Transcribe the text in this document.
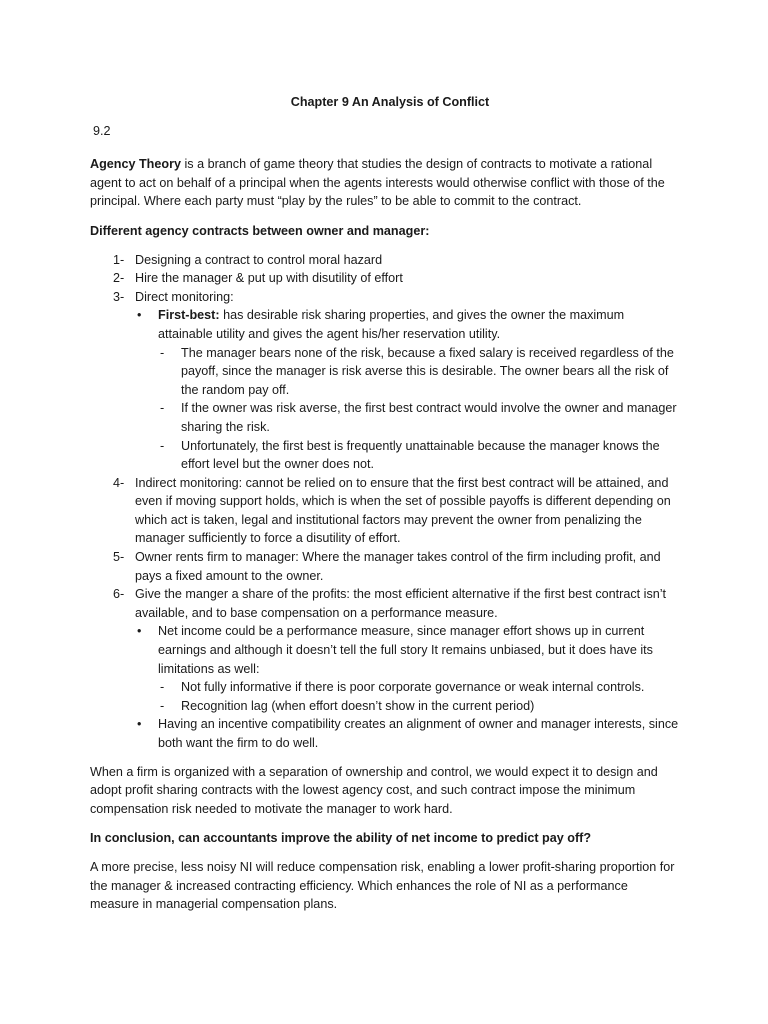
Chapter 9 An Analysis of Conflict
9.2

Agency Theory is a branch of game theory that studies the design of contracts to motivate a rational agent to act on behalf of a principal when the agents interests would otherwise conflict with those of the principal. Where each party must “play by the rules” to be able to commit to the contract.

Different agency contracts between owner and manager:
1- Designing a contract to control moral hazard
2- Hire the manager & put up with disutility of effort
3- Direct monitoring:
•	First-best: has desirable risk sharing properties, and gives the owner the maximum attainable utility and gives the agent his/her reservation utility.
-	The manager bears none of the risk, because a fixed salary is received regardless of the payoff, since the manager is risk averse this is desirable. The owner bears all the risk of the random pay off.
-	If the owner was risk averse, the first best contract would involve the owner and manager sharing the risk.
-	Unfortunately, the first best is frequently unattainable because the manager knows the effort level but the owner does not.
4- Indirect monitoring: cannot be relied on to ensure that the first best contract will be attained, and even if moving support holds, which is when the set of possible payoffs is different depending on which act is taken, legal and institutional factors may prevent the owner from penalizing the manager sufficiently to force a disutility of effort.
5- Owner rents firm to manager: Where the manager takes control of the firm including profit, and pays a fixed amount to the owner.
6- Give the manger a share of the profits: the most efficient alternative if the first best contract isn’t available, and to base compensation on a performance measure.
•	Net income could be a performance measure, since manager effort shows up in current earnings and although it doesn’t tell the full story It remains unbiased, but it does have its limitations as well:
-	Not fully informative if there is poor corporate governance or weak internal controls.
-	Recognition lag (when effort doesn’t show in the current period)
•	Having an incentive compatibility creates an alignment of owner and manager interests, since both want the firm to do well.

When a firm is organized with a separation of ownership and control, we would expect it to design and adopt profit sharing contracts with the lowest agency cost, and such contract impose the minimum compensation risk needed to motivate the manager to work hard.

In conclusion, can accountants improve the ability of net income to predict pay off?

A more precise, less noisy NI will reduce compensation risk, enabling a lower profit-sharing proportion for the manager & increased contracting efficiency. Which enhances the role of NI as a performance measure in managerial compensation plans.
